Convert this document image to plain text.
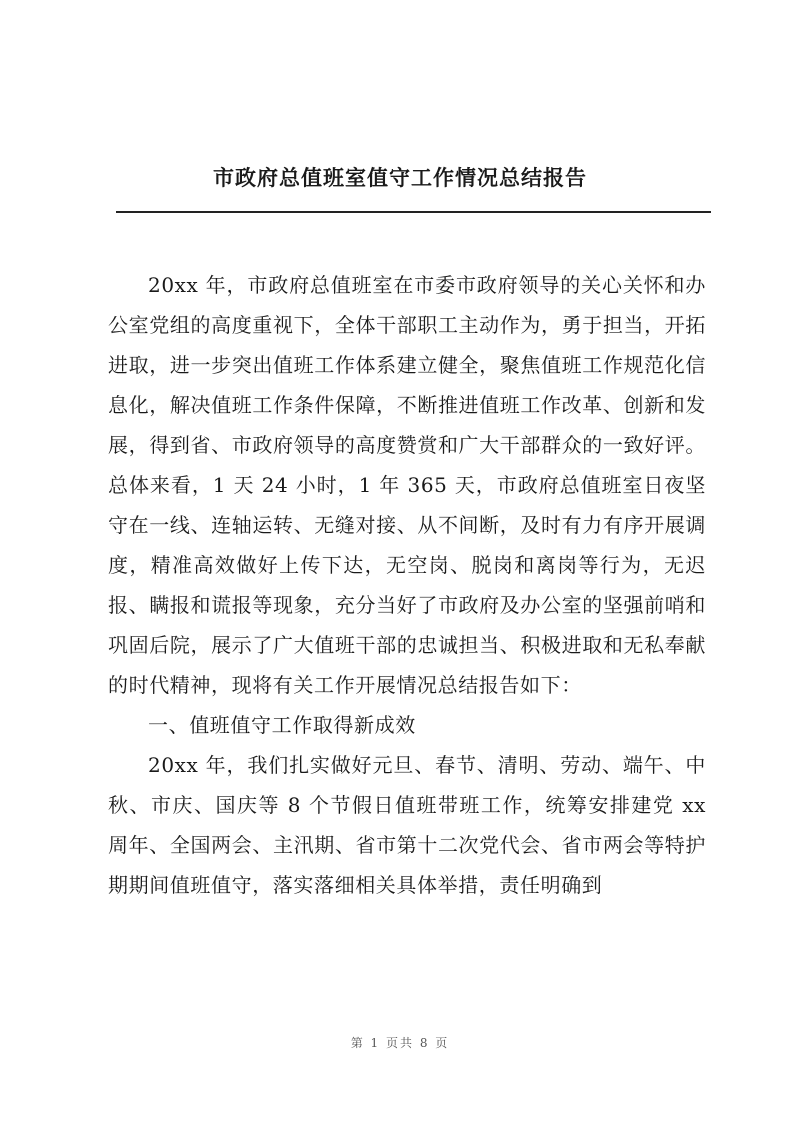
市政府总值班室值守工作情况总结报告

20xx 年，市政府总值班室在市委市政府领导的关心关怀和办公室党组的高度重视下，全体干部职工主动作为，勇于担当，开拓进取，进一步突出值班工作体系建立健全，聚焦值班工作规范化信息化，解决值班工作条件保障，不断推进值班工作改革、创新和发展，得到省、市政府领导的高度赞赏和广大干部群众的一致好评。总体来看，1 天 24 小时，1 年 365 天，市政府总值班室日夜坚守在一线、连轴运转、无缝对接、从不间断，及时有力有序开展调度，精准高效做好上传下达，无空岗、脱岗和离岗等行为，无迟报、瞒报和谎报等现象，充分当好了市政府及办公室的坚强前哨和巩固后院，展示了广大值班干部的忠诚担当、积极进取和无私奉献的时代精神，现将有关工作开展情况总结报告如下：

一、值班值守工作取得新成效

20xx 年，我们扎实做好元旦、春节、清明、劳动、端午、中秋、市庆、国庆等 8 个节假日值班带班工作，统筹安排建党 xx 周年、全国两会、主汛期、省市第十二次党代会、省市两会等特护期期间值班值守，落实落细相关具体举措，责任明确到

第 1 页共 8 页
